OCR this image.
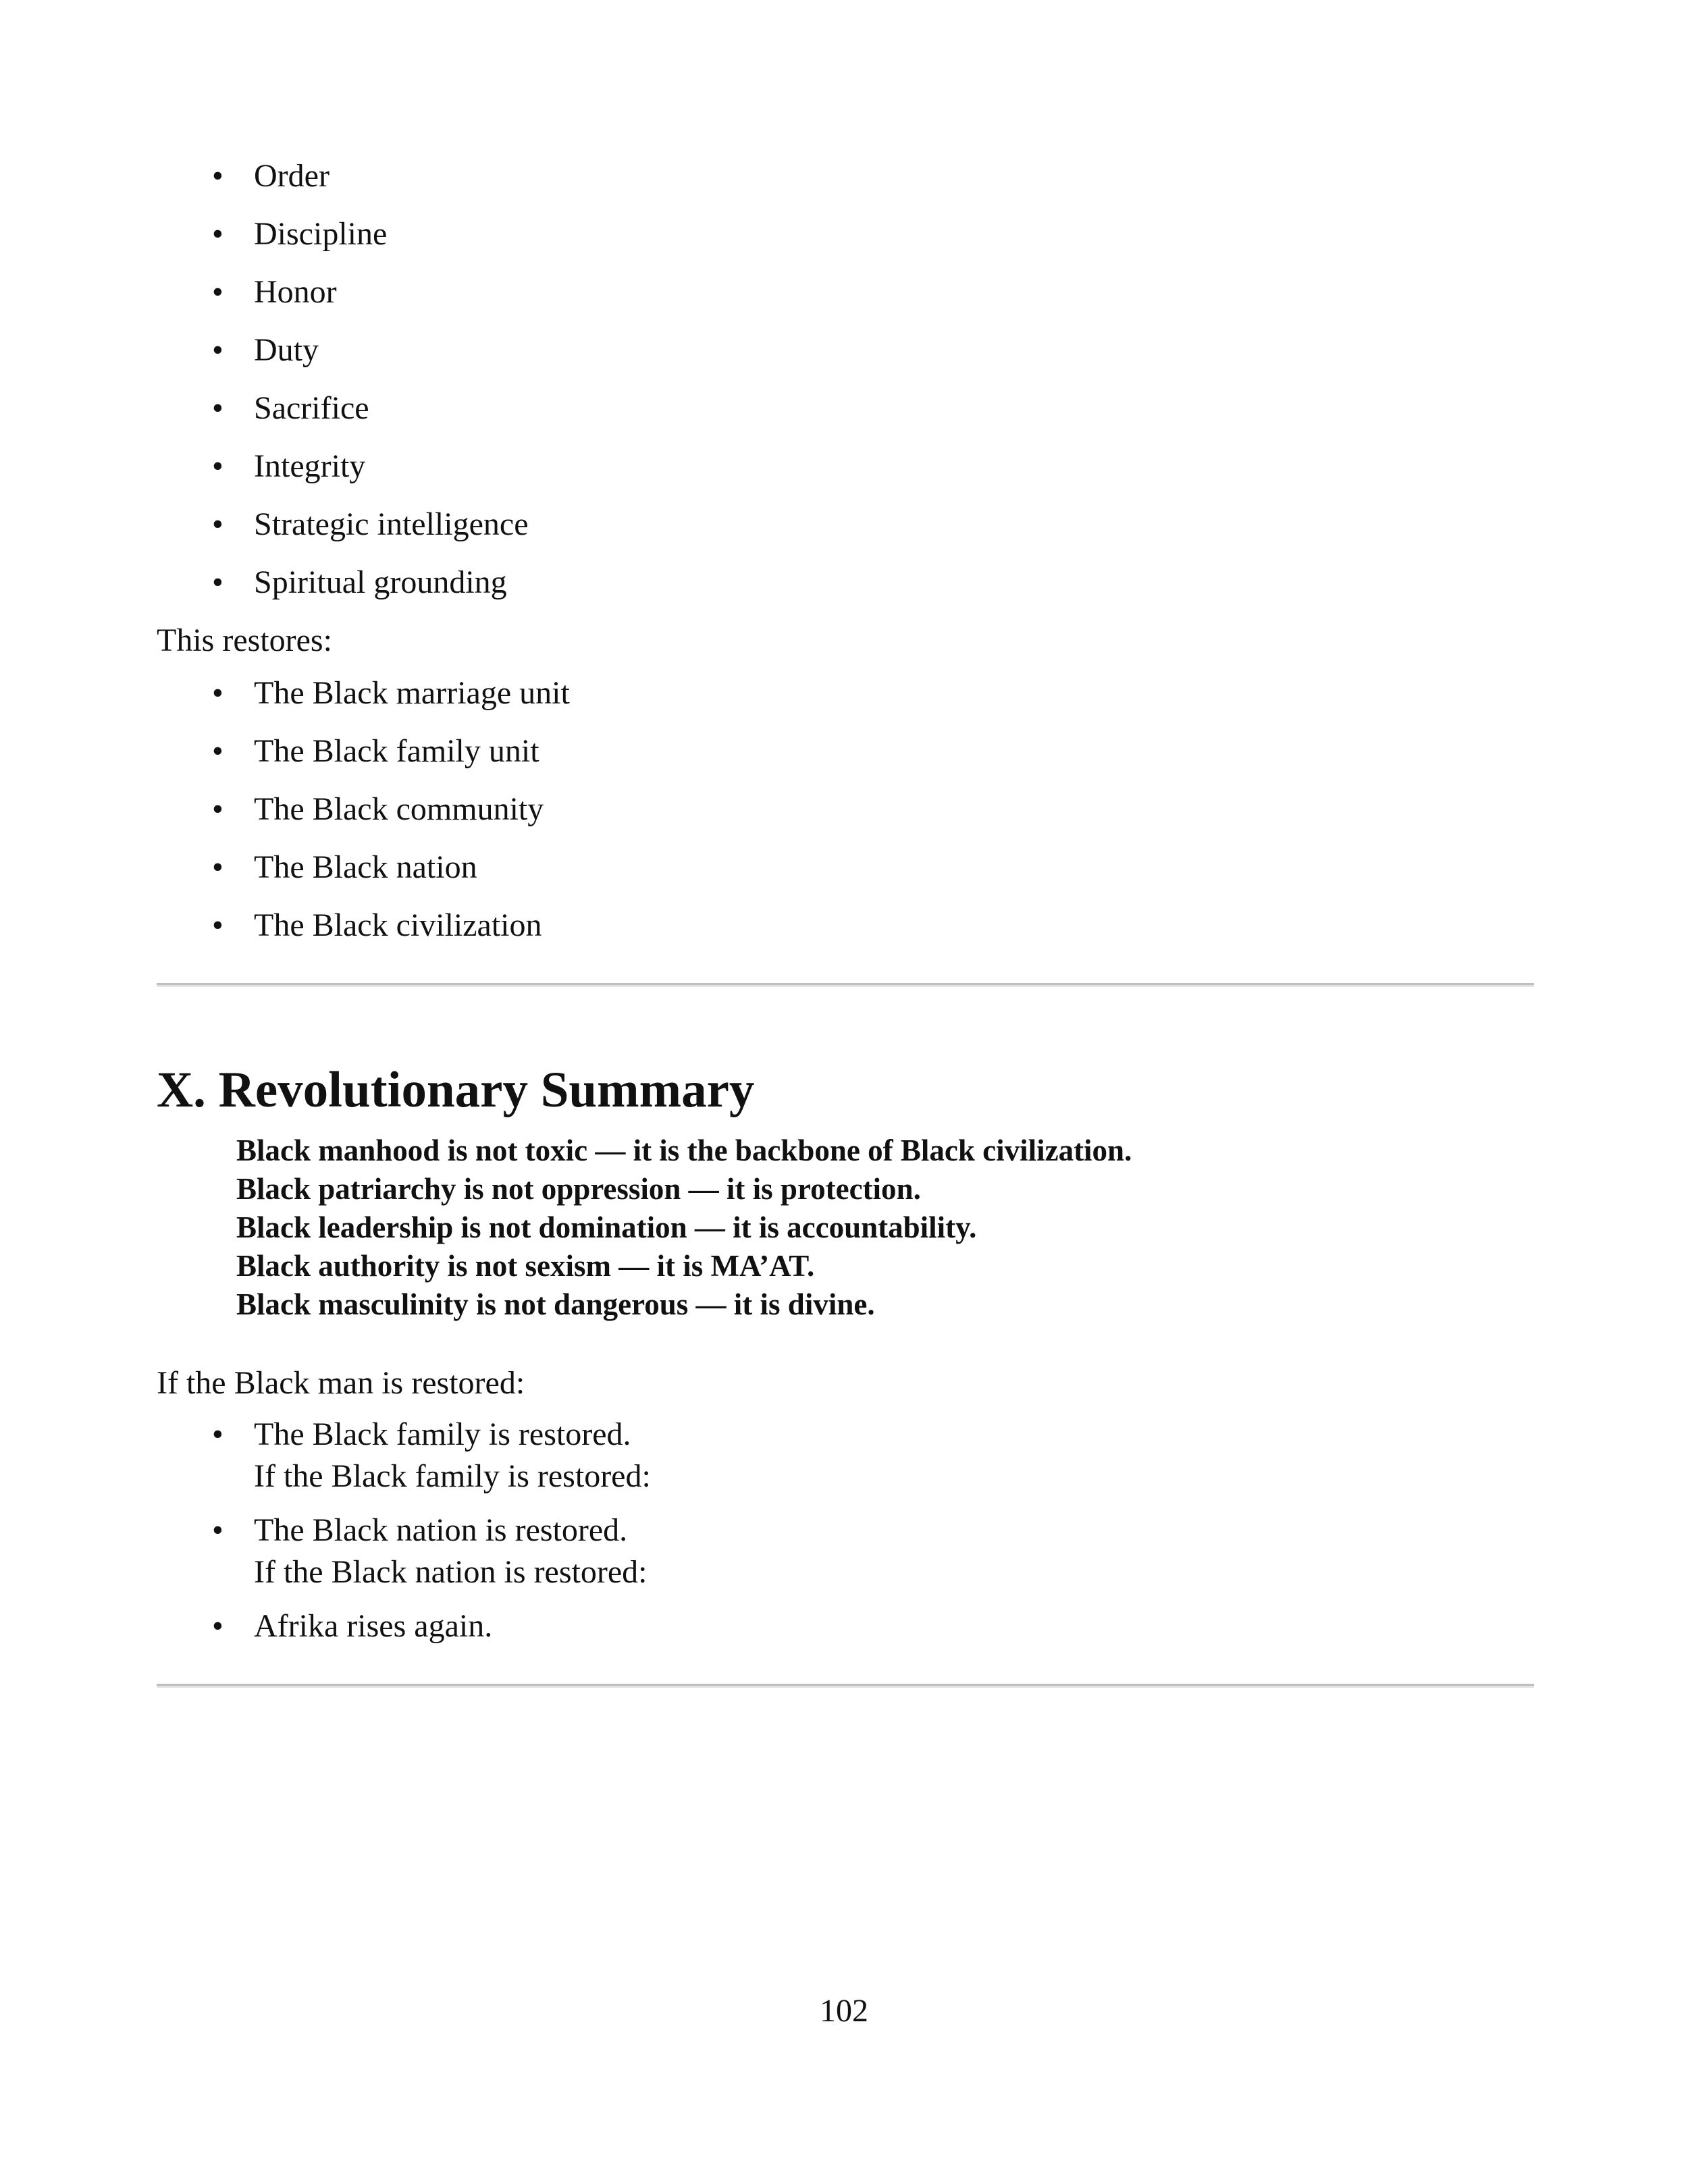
• Order
• Discipline
• Honor
• Duty
• Sacrifice
• Integrity
• Strategic intelligence
• Spiritual grounding

This restores:

• The Black marriage unit
• The Black family unit
• The Black community
• The Black nation
• The Black civilization
X. Revolutionary Summary
Black manhood is not toxic — it is the backbone of Black civilization.
Black patriarchy is not oppression — it is protection.
Black leadership is not domination — it is accountability.
Black authority is not sexism — it is MA’AT.
Black masculinity is not dangerous — it is divine.

If the Black man is restored:

• The Black family is restored.
If the Black family is restored:
• The Black nation is restored.
If the Black nation is restored:
• Afrika rises again.
102
